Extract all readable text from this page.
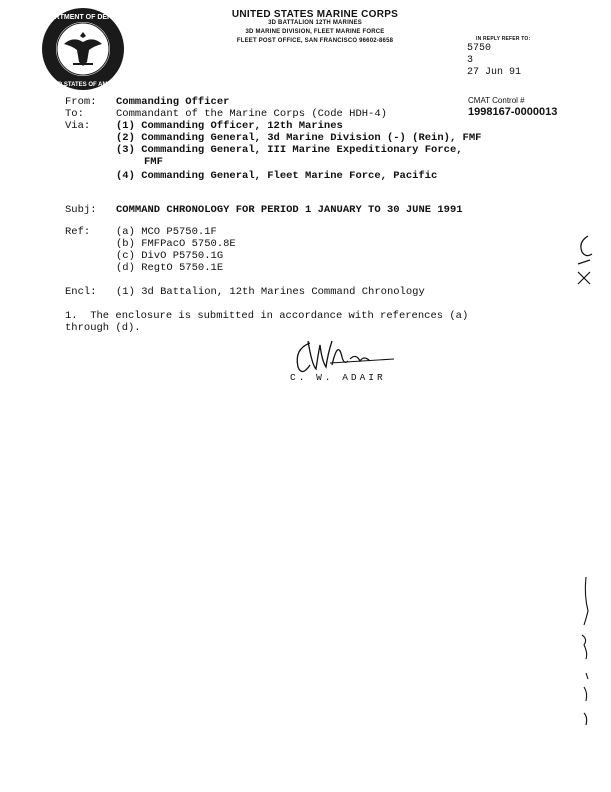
DEPARTMENT OF DEFENSE
UNITED STATES OF AMERICA
UNITED STATES MARINE CORPS
3D BATTALION 12TH MARINES
3D MARINE DIVISION, FLEET MARINE FORCE
FLEET POST OFFICE, SAN FRANCISCO 96602-8658	IN REPLY REFER TO:
5750
3
27 Jun 91
CMAT Control #
1998167-0000013
From: Commanding Officer
To:	Commandant of the Marine Corps (Code HDH-4)
Via: (1) Commanding Officer, 12th Marines
(2) Commanding General, 3d Marine Division (-) (Rein), FMF
(3) Commanding General, III Marine Expeditionary Force,
FMF
(4) Commanding General, Fleet Marine Force, Pacific
Subj: COMMAND CHRONOLOGY FOR PERIOD 1 JANUARY TO 30 JUNE 1991
Ref: (a) MCO P5750.1F
(b) FMFPacO 5750.8E
(c) DivO P5750.1G
(d) RegtO 5750.1E
Encl: (1) 3d Battalion, 12th Marines Command Chronology
1.  The enclosure is submitted in accordance with references (a)
through (d).
C. W. ADAIR
